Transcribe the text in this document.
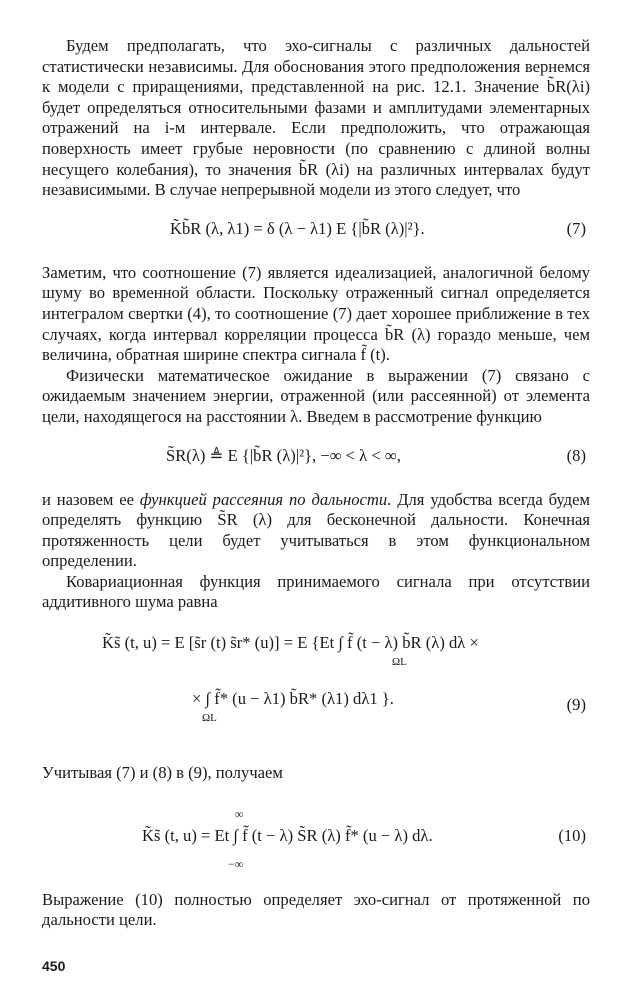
Будем предполагать, что эхо-сигналы с различных дальностей статистически независимы. Для обоснования этого предположения вернемся к модели с приращениями, представленной на рис. 12.1. Значение b̃R(λi) будет определяться относительными фазами и амплитудами элементарных отражений на i-м интервале. Если предположить, что отражающая поверхность имеет грубые неровности (по сравнению с длиной волны несущего колебания), то значения b̃R (λi) на различных интервалах будут независимыми. В случае непрерывной модели из этого следует, что

K̃b̃R (λ, λ1) = δ (λ − λ1) E {|b̃R (λ)|²}.	(7)

Заметим, что соотношение (7) является идеализацией, аналогичной белому шуму во временной области. Поскольку отраженный сигнал определяется интегралом свертки (4), то соотношение (7) дает хорошее приближение в тех случаях, когда интервал корреляции процесса b̃R (λ) гораздо меньше, чем величина, обратная ширине спектра сигнала f̃ (t).

Физически математическое ожидание в выражении (7) связано с ожидаемым значением энергии, отраженной (или рассеянной) от элемента цели, находящегося на расстоянии λ. Введем в рассмотрение функцию

S̃R(λ) ≜ E {|b̃R (λ)|²}, −∞ < λ < ∞,	(8)

и назовем ее функцией рассеяния по дальности. Для удобства всегда будем определять функцию S̃R (λ) для бесконечной дальности. Конечная протяженность цели будет учитываться в этом функциональном определении.

Ковариационная функция принимаемого сигнала при отсутствии аддитивного шума равна

K̃s̃ (t, u) = E [s̃r (t) s̃r* (u)] = E {Et ∫ f̃ (t − λ) b̃R (λ) dλ ×
ΩL
× ∫ f̃* (u − λ1) b̃R* (λ1) dλ1 }.
ΩL
(9)

Учитывая (7) и (8) в (9), получаем

K̃s̃ (t, u) = Et ∫ f̃ (t − λ) S̃R (λ) f̃* (u − λ) dλ.
∞
−∞
(10)

Выражение (10) полностью определяет эхо-сигнал от протяженной по дальности цели.

450
